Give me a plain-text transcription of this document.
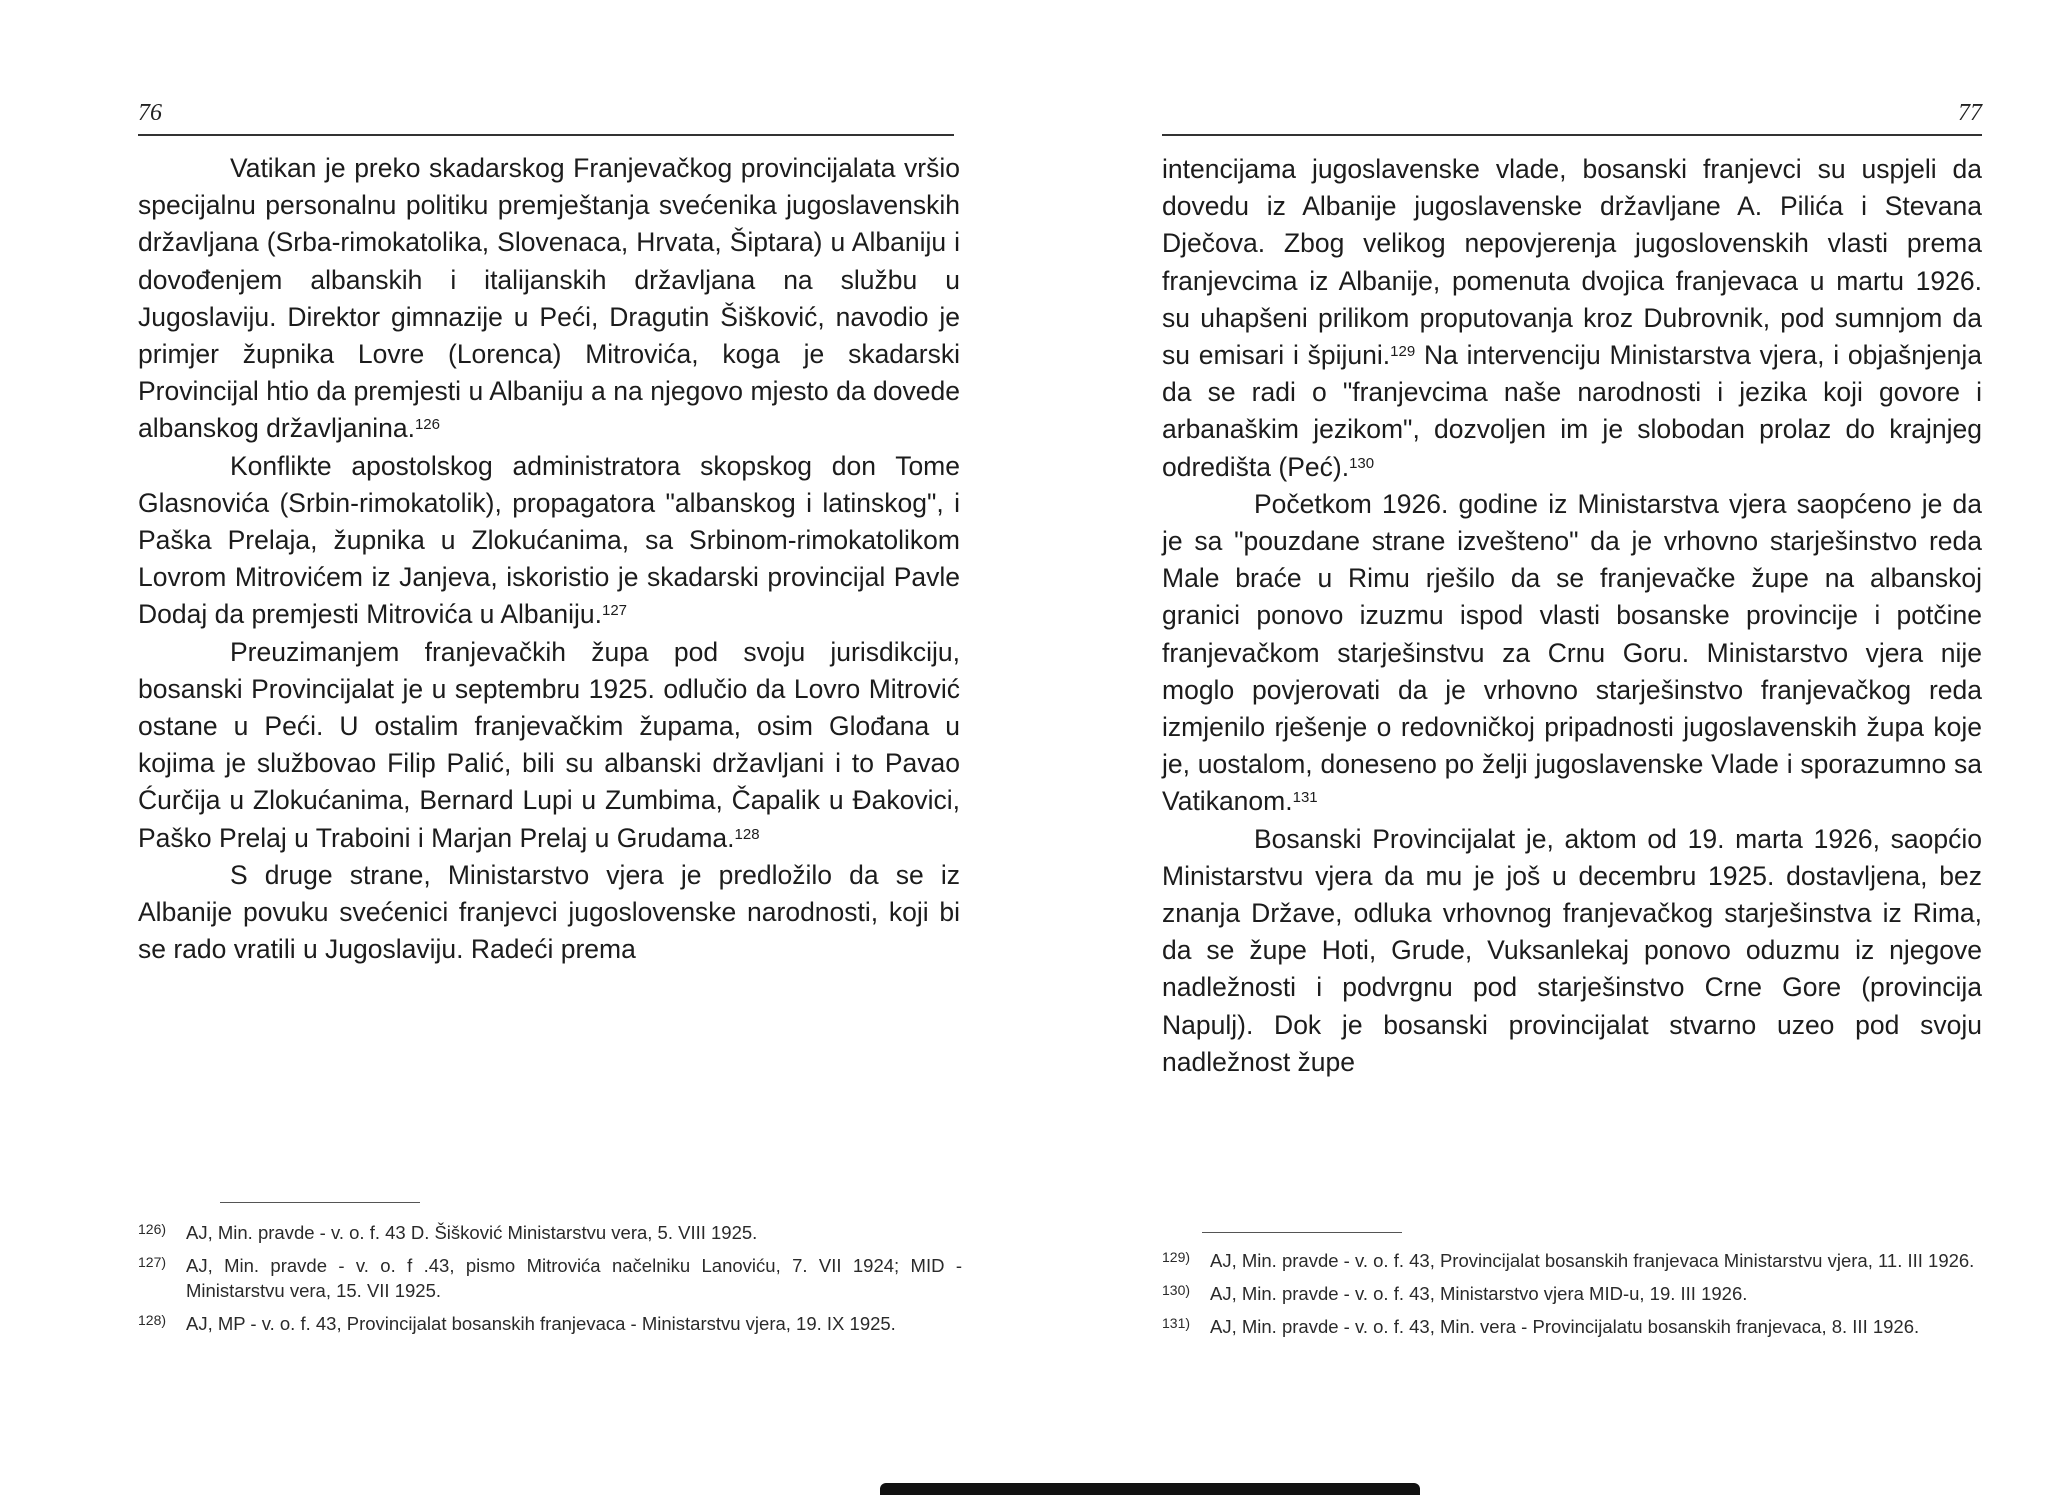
76

Vatikan je preko skadarskog Franjevačkog provincijalata vršio specijalnu personalnu politiku premještanja svećenika jugoslavenskih državljana (Srba-rimokatolika, Slovenaca, Hrvata, Šiptara) u Albaniju i dovođenjem albanskih i italijanskih državljana na službu u Jugoslaviju. Direktor gimnazije u Peći, Dragutin Šišković, navodio je primjer župnika Lovre (Lorenca) Mitrovića, koga je skadarski Provincijal htio da premjesti u Albaniju a na njegovo mjesto da dovede albanskog državljanina.$^{126}$

Konflikte apostolskog administratora skopskog don Tome Glasnovića (Srbin-rimokatolik), propagatora "albanskog i latinskog", i Paška Prelaja, župnika u Zlokućanima, sa Srbinom-rimokatolikom Lovrom Mitrovićem iz Janjeva, iskoristio je skadarski provincijal Pavle Dodaj da premjesti Mitrovića u Albaniju.$^{127}$

Preuzimanjem franjevačkih župa pod svoju jurisdikciju, bosanski Provincijalat je u septembru 1925. odlučio da Lovro Mitrović ostane u Peći. U ostalim franjevačkim župama, osim Glođana u kojima je službovao Filip Palić, bili su albanski državljani i to Pavao Ćurčija u Zlokućanima, Bernard Lupi u Zumbima, Čapalik u Đakovici, Paško Prelaj u Traboini i Marjan Prelaj u Grudama.$^{128}$

S druge strane, Ministarstvo vjera je predložilo da se iz Albanije povuku svećenici franjevci jugoslovenske narodnosti, koji bi se rado vratili u Jugoslaviju. Radeći prema

126) AJ, Min. pravde - v. o. f. 43 D. Šišković Ministarstvu vera, 5. VIII 1925.
127) AJ, Min. pravde - v. o. f .43, pismo Mitrovića načelniku Lanoviću, 7. VII 1924; MID - Ministarstvu vera, 15. VII 1925.
128) AJ, MP - v. o. f. 43, Provincijalat bosanskih franjevaca - Ministarstvu vjera, 19. IX 1925.
77

intencijama jugoslavenske vlade, bosanski franjevci su uspjeli da dovedu iz Albanije jugoslavenske državljane A. Pilića i Stevana Dječova. Zbog velikog nepovjerenja jugoslovenskih vlasti prema franjevcima iz Albanije, pomenuta dvojica franjevaca u martu 1926. su uhapšeni prilikom proputovanja kroz Dubrovnik, pod sumnjom da su emisari i špijuni.$^{129}$ Na intervenciju Ministarstva vjera, i objašnjenja da se radi o "franjevcima naše narodnosti i jezika koji govore i arbanaškim jezikom", dozvoljen im je slobodan prolaz do krajnjeg odredišta (Peć).$^{130}$

Početkom 1926. godine iz Ministarstva vjera saopćeno je da je sa "pouzdane strane izvešteno" da je vrhovno starješinstvo reda Male braće u Rimu rješilo da se franjevačke župe na albanskoj granici ponovo izuzmu ispod vlasti bosanske provincije i potčine franjevačkom starješinstvu za Crnu Goru. Ministarstvo vjera nije moglo povjerovati da je vrhovno starješinstvo franjevačkog reda izmjenilo rješenje o redovničkoj pripadnosti jugoslavenskih župa koje je, uostalom, doneseno po želji jugoslavenske Vlade i sporazumno sa Vatikanom.$^{131}$

Bosanski Provincijalat je, aktom od 19. marta 1926, saopćio Ministarstvu vjera da mu je još u decembru 1925. dostavljena, bez znanja Države, odluka vrhovnog franjevačkog starješinstva iz Rima, da se župe Hoti, Grude, Vuksanlekaj ponovo oduzmu iz njegove nadležnosti i podvrgnu pod starješinstvo Crne Gore (provincija Napulj). Dok je bosanski provincijalat stvarno uzeo pod svoju nadležnost župe

129) AJ, Min. pravde - v. o. f. 43, Provincijalat bosanskih franjevaca Ministarstvu vjera, 11. III 1926.
130) AJ, Min. pravde - v. o. f. 43, Ministarstvo vjera MID-u, 19. III 1926.
131) AJ, Min. pravde - v. o. f. 43, Min. vera - Provincijalatu bosanskih franjevaca, 8. III 1926.
